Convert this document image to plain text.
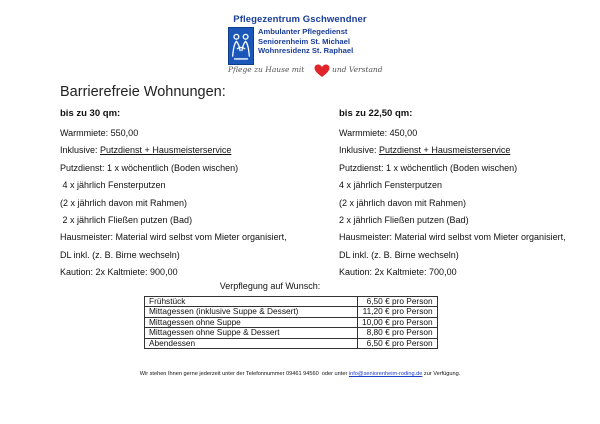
Pflegezentrum Gschwendner
Ambulanter Pflegedienst
Seniorenheim St. Michael
Wohnresidenz St. Raphael
Pflege zu Hause mit	und Verstand
Barrierefreie Wohnungen:
bis zu 30 qm:
Warmmiete: 550,00
Inklusive: Putzdienst + Hausmeisterservice
Putzdienst: 1 x wöchentlich (Boden wischen)
4 x jährlich Fensterputzen
(2 x jährlich davon mit Rahmen)
2 x jährlich Fließen putzen (Bad)
Hausmeister: Material wird selbst vom Mieter organisiert,
DL inkl. (z. B. Birne wechseln)
Kaution: 2x Kaltmiete: 900,00
bis zu 22,50 qm:
Warmmiete: 450,00
Inklusive: Putzdienst + Hausmeisterservice
Putzdienst: 1 x wöchentlich (Boden wischen)
4 x jährlich Fensterputzen
(2 x jährlich davon mit Rahmen)
2 x jährlich Fließen putzen (Bad)
Hausmeister: Material wird selbst vom Mieter organisiert,
DL inkl. (z. B. Birne wechseln)
Kaution: 2x Kaltmiete: 700,00
Verpflegung auf Wunsch:
Frühstück	6,50 € pro Person
Mittagessen (inklusive Suppe & Dessert)	11,20 € pro Person
Mittagessen ohne Suppe	10,00 € pro Person
Mittagessen ohne Suppe & Dessert	8,80 € pro Person
Abendessen	6,50 € pro Person
Wir stehen Ihnen gerne jederzeit unter der Telefonnummer 09461 94560  oder unter info@seniorenheim-roding.de zur Verfügung.
